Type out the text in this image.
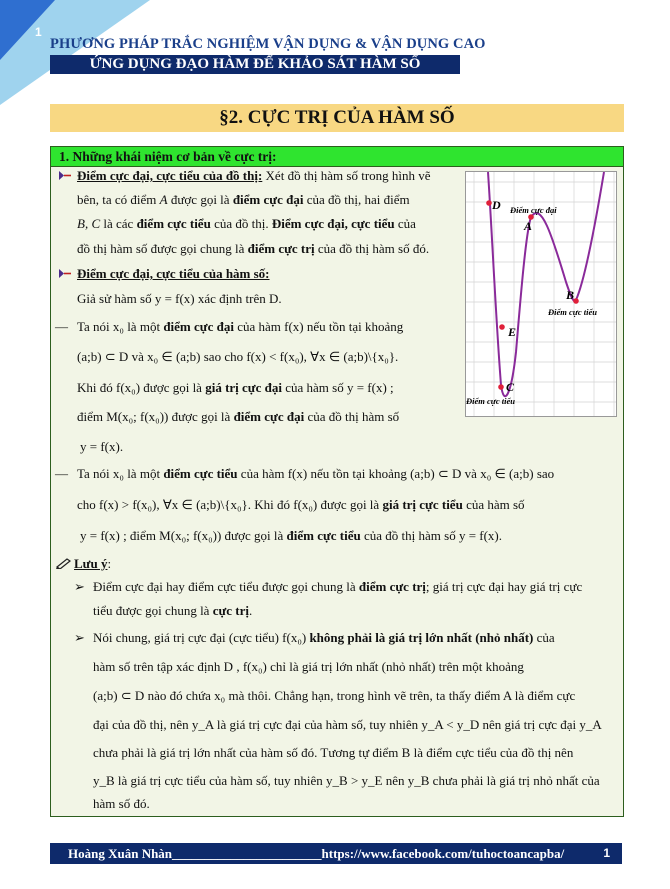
1
PHƯƠNG PHÁP TRẮC NGHIỆM VẬN DỤNG & VẬN DỤNG CAO
ỨNG DỤNG ĐẠO HÀM ĐỂ KHẢO SÁT HÀM SỐ
§2. CỰC TRỊ CỦA HÀM SỐ
1. Những khái niệm cơ bản về cực trị:
Điểm cực đại, cực tiểu của đồ thị: Xét đồ thị hàm số trong hình vẽ
bên, ta có điểm A được gọi là điểm cực đại của đồ thị, hai điểm
B, C là các điểm cực tiểu của đồ thị. Điểm cực đại, cực tiểu của
đồ thị hàm số được gọi chung là điểm cực trị của đồ thị hàm số đó.
Điểm cực đại, cực tiểu của hàm số:
Giả sử hàm số y = f(x) xác định trên D.
— Ta nói x₀ là một điểm cực đại của hàm f(x) nếu tồn tại khoảng
(a;b) ⊂ D và x₀ ∈ (a;b) sao cho f(x) < f(x₀), ∀x ∈ (a;b)\{x₀}.
Khi đó f(x₀) được gọi là giá trị cực đại của hàm số y = f(x) ;
điểm M(x₀; f(x₀)) được gọi là điểm cực đại của đồ thị hàm số
y = f(x).
— Ta nói x₀ là một điểm cực tiểu của hàm f(x) nếu tồn tại khoảng (a;b) ⊂ D và x₀ ∈ (a;b) sao
cho f(x) > f(x₀), ∀x ∈ (a;b)\{x₀}. Khi đó f(x₀) được gọi là giá trị cực tiểu của hàm số
y = f(x) ; điểm M(x₀; f(x₀)) được gọi là điểm cực tiểu của đồ thị hàm số y = f(x).
Lưu ý:
➢ Điểm cực đại hay điểm cực tiểu được gọi chung là điểm cực trị; giá trị cực đại hay giá trị cực
tiểu được gọi chung là cực trị.
➢ Nói chung, giá trị cực đại (cực tiểu) f(x₀) không phải là giá trị lớn nhất (nhỏ nhất) của
hàm số trên tập xác định D , f(x₀) chỉ là giá trị lớn nhất (nhỏ nhất) trên một khoảng
(a;b) ⊂ D nào đó chứa x₀ mà thôi. Chẳng hạn, trong hình vẽ trên, ta thấy điểm A là điểm cực
đại của đồ thị, nên y_A là giá trị cực đại của hàm số, tuy nhiên y_A < y_D nên giá trị cực đại y_A
chưa phải là giá trị lớn nhất của hàm số đó. Tương tự điểm B là điểm cực tiểu của đồ thị nên
y_B là giá trị cực tiểu của hàm số, tuy nhiên y_B > y_E nên y_B chưa phải là giá trị nhỏ nhất của
hàm số đó.
D
A
B
E
C
Điểm cực đại
Điểm cực tiểu
Điểm cực tiểu
Hoàng Xuân Nhàn_______________________https://www.facebook.com/tuhoctoancapba/	1
